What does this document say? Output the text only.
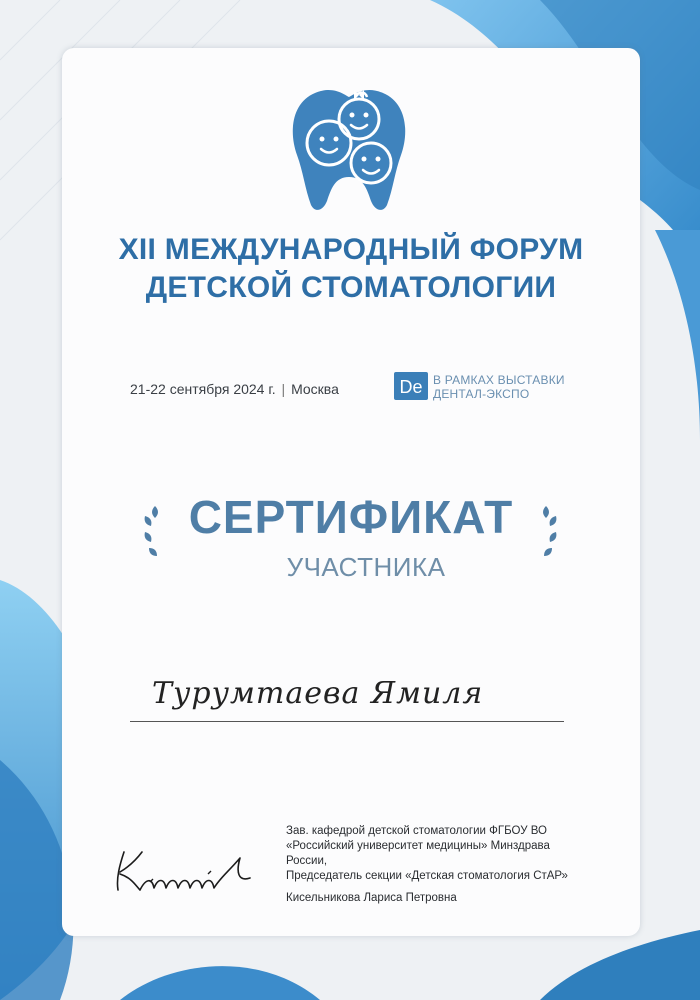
XII МЕЖДУНАРОДНЫЙ ФОРУМ
ДЕТСКОЙ СТОМАТОЛОГИИ
21-22 сентября 2024 г. | Москва	De В РАМКАХ ВЫСТАВКИ
ДЕНТАЛ-ЭКСПО
СЕРТИФИКАТ
УЧАСТНИКА
Турумтаева Ямиля

Зав. кафедрой детской стоматологии ФГБОУ ВО

«Российский университет медицины» Минздрава

России,

Председатель секции «Детская стоматология СтАР»

Кисельникова Лариса Петровна
